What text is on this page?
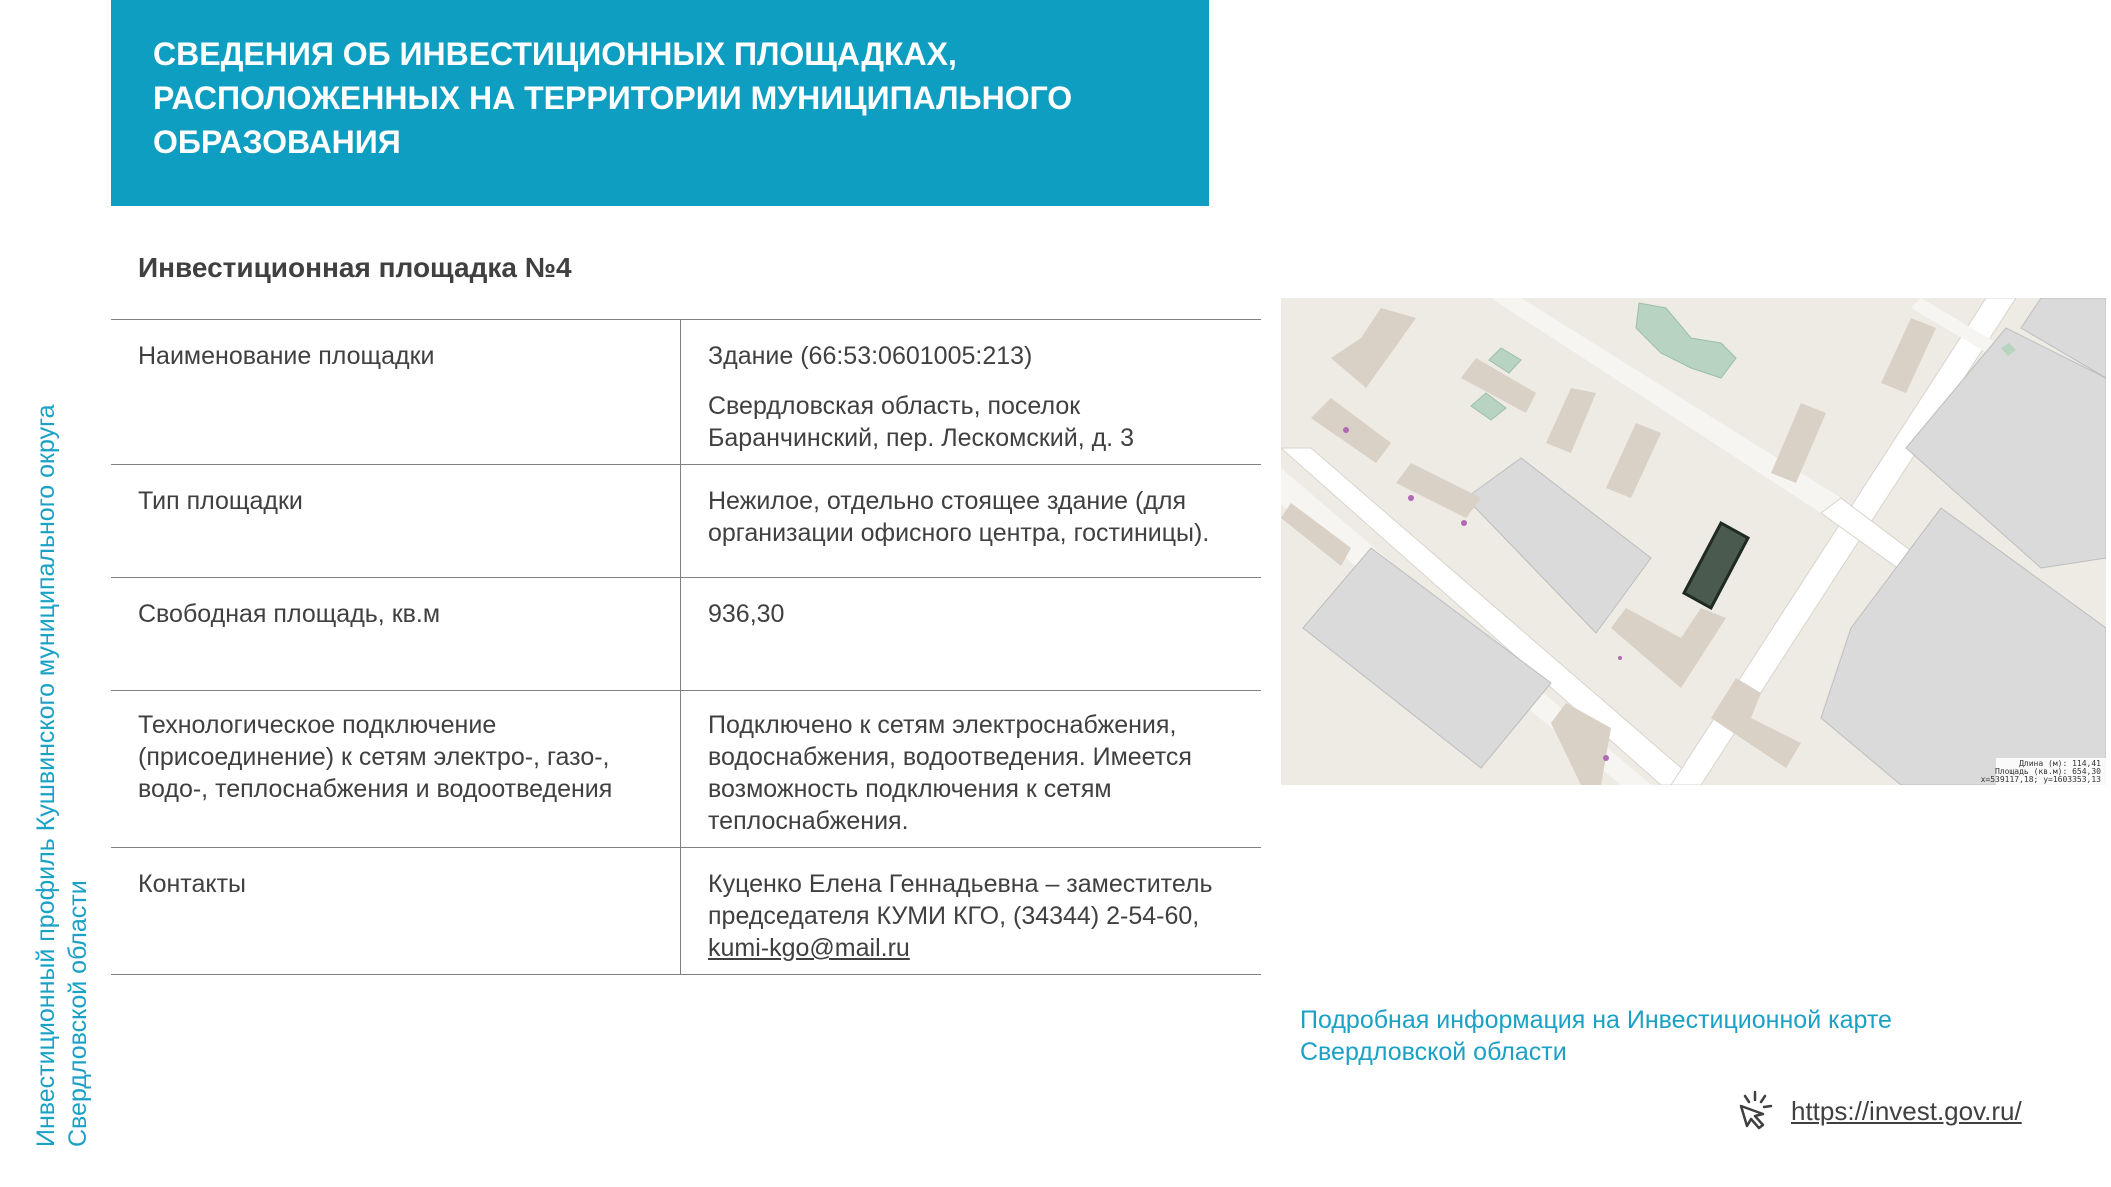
СВЕДЕНИЯ ОБ ИНВЕСТИЦИОННЫХ ПЛОЩАДКАХ,
РАСПОЛОЖЕННЫХ НА ТЕРРИТОРИИ МУНИЦИПАЛЬНОГО
ОБРАЗОВАНИЯ
Инвестиционный профиль Кушвинского муниципального округа Свердловской области
Инвестиционная площадка №4
Наименование площадки	Здание (66:53:0601005:213)
Свердловская область, поселок Баранчинский, пер. Лескомский, д. 3

Тип площадки	Нежилое, отдельно стоящее здание (для организации офисного центра, гостиницы).
Свободная площадь, кв.м	936,30
Технологическое подключение (присоединение) к сетям электро-, газо-, водо-, теплоснабжения и водоотведения	Подключено к сетям электроснабжения, водоснабжения, водоотведения. Имеется возможность подключения к сетям теплоснабжения.
Контакты	Куценко Елена Геннадьевна – заместитель председателя КУМИ КГО, (34344) 2-54-60,
kumi-kgo@mail.ru
Длина (м): 114,41
Площадь (кв.м): 654,30
x=539117,18; y=1603353,13
Подробная информация на Инвестиционной карте Свердловской области
https://invest.gov.ru/
